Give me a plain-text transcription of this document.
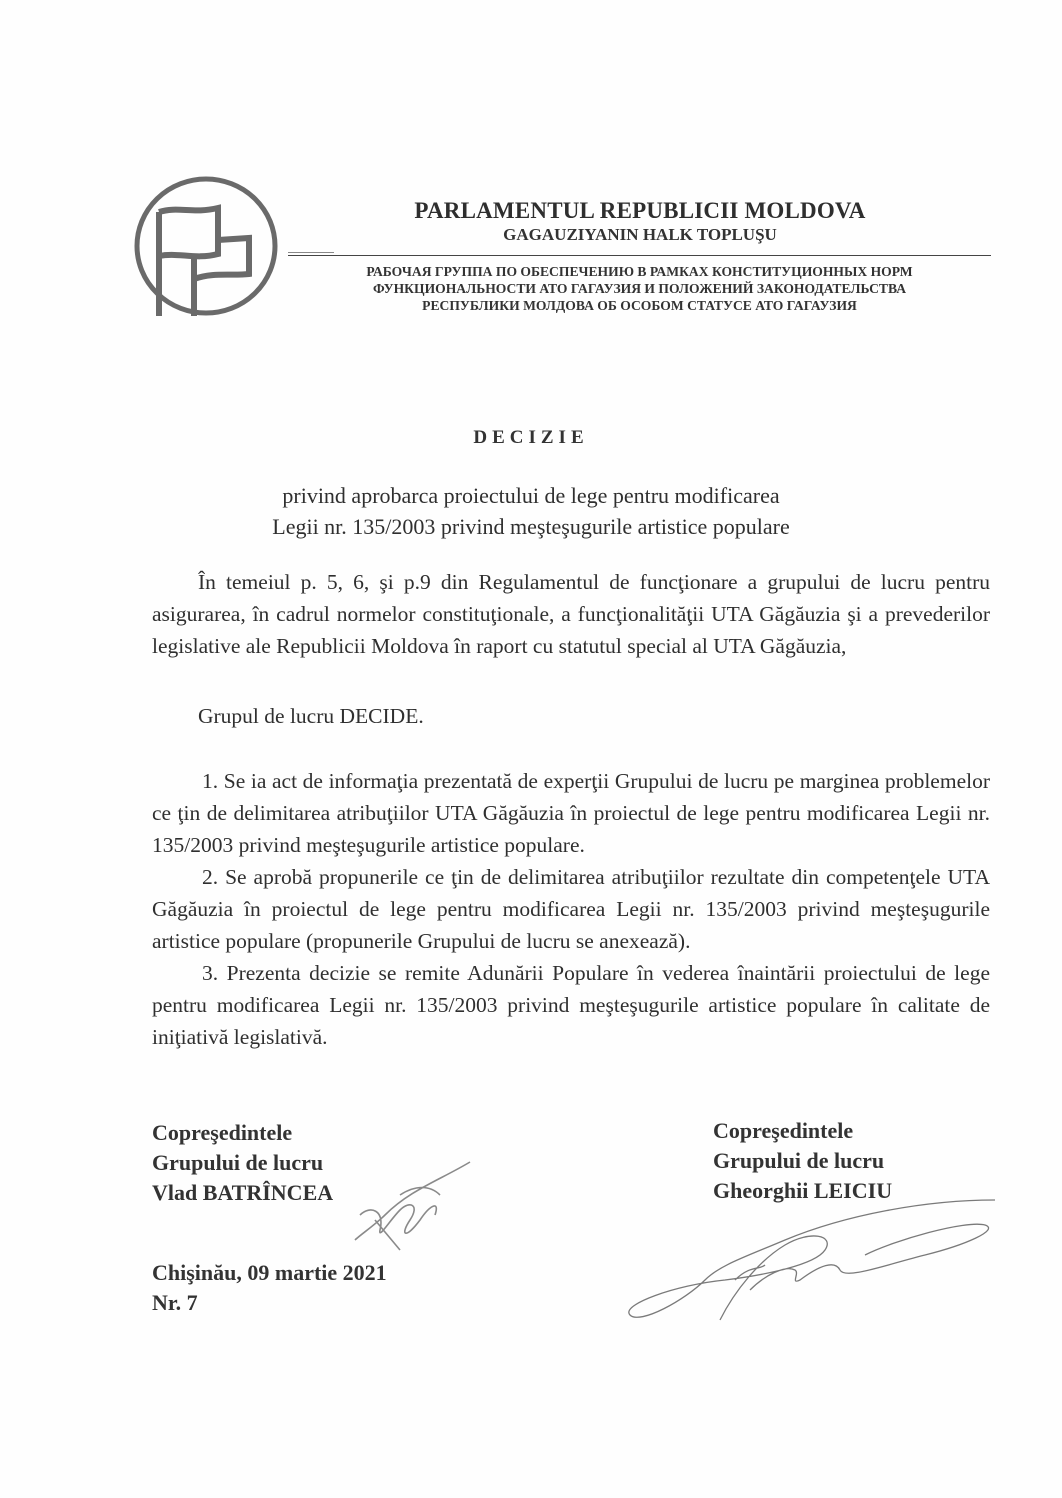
PARLAMENTUL REPUBLICII MOLDOVA
GAGAUZIYANIN HALK TOPLUŞU
РАБОЧАЯ ГРУППА ПО ОБЕСПЕЧЕНИЮ В РАМКАХ КОНСТИТУЦИОННЫХ НОРМ
ФУНКЦИОНАЛЬНОСТИ АТО ГАГАУЗИЯ И ПОЛОЖЕНИЙ ЗАКОНОДАТЕЛЬСТВА
РЕСПУБЛИКИ МОЛДОВА ОБ ОСОБОМ СТАТУСЕ АТО ГАГАУЗИЯ
DECIZIE
privind aprobarca proiectului de lege pentru modificarea
Legii nr. 135/2003 privind meşteşugurile artistice populare

În temeiul p. 5, 6, şi p.9 din Regulamentul de funcţionare a grupului de lucru pentru asigurarea, în cadrul normelor constituţionale, a funcţionalităţii UTA Găgăuzia şi a prevederilor legislative ale Republicii Moldova în raport cu statutul special al UTA Găgăuzia,

Grupul de lucru DECIDE.

1. Se ia act de informaţia prezentată de experţii Grupului de lucru pe marginea problemelor ce ţin de delimitarea atribuţiilor UTA Găgăuzia în proiectul de lege pentru modificarea Legii nr. 135/2003 privind meşteşugurile artistice populare.

2. Se aprobă propunerile ce ţin de delimitarea atribuţiilor rezultate din competenţele UTA Găgăuzia în proiectul de lege pentru modificarea Legii nr. 135/2003 privind meşteşugurile artistice populare (propunerile Grupului de lucru se anexează).

3. Prezenta decizie se remite Adunării Populare în vederea înaintării proiectului de lege pentru modificarea Legii nr. 135/2003 privind meşteşugurile artistice populare în calitate de iniţiativă legislativă.

Copreşedintele
Grupului de lucru
Vlad BATRÎNCEA
Copreşedintele
Grupului de lucru
Gheorghii LEICIU
Chişinău, 09 martie 2021
Nr. 7
